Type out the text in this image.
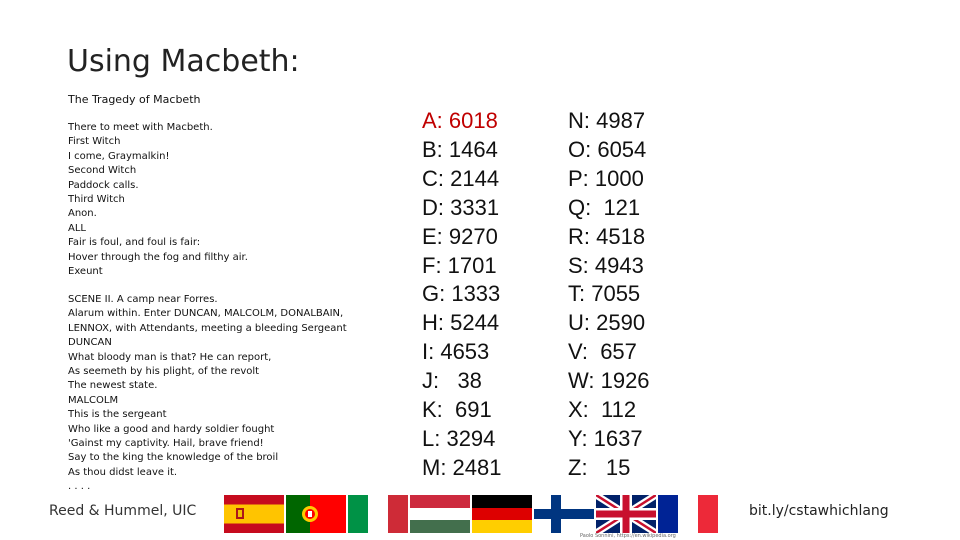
Using Macbeth:
The Tragedy of Macbeth
There to meet with Macbeth.
First Witch
I come, Graymalkin!
Second Witch
Paddock calls.
Third Witch
Anon.
ALL
Fair is foul, and foul is fair:
Hover through the fog and filthy air.
Exeunt
SCENE II. A camp near Forres.
Alarum within. Enter DUNCAN, MALCOLM, DONALBAIN,
LENNOX, with Attendants, meeting a bleeding Sergeant
DUNCAN
What bloody man is that? He can report,
As seemeth by his plight, of the revolt
The newest state.
MALCOLM
This is the sergeant
Who like a good and hardy soldier fought
'Gainst my captivity. Hail, brave friend!
Say to the king the knowledge of the broil
As thou didst leave it.
. . . .
A: 6018
B: 1464
C: 2144
D: 3331
E: 9270
F: 1701
G: 1333
H: 5244
I: 4653
J:   38
K:  691
L: 3294
M: 2481
N: 4987
O: 6054
P: 1000
Q:  121
R: 4518
S: 4943
T: 7055
U: 2590
V:  657
W: 1926
X:  112
Y: 1637
Z:   15
Reed & Hummel, UIC
Paolo Sonnini, https://en.wikipedia.org
bit.ly/cstawhichlang
